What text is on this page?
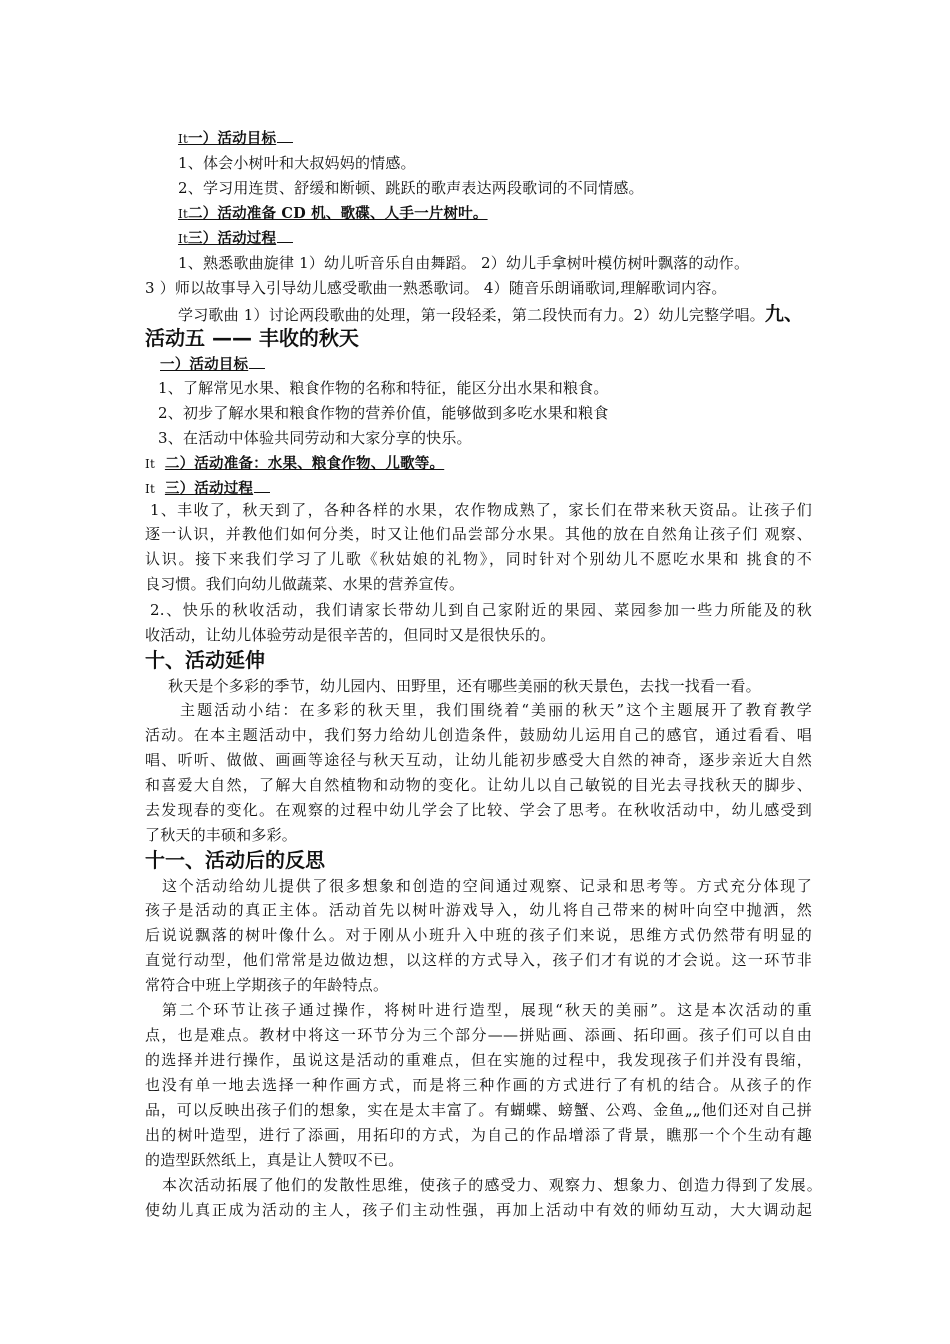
It一）活动目标
1、体会小树叶和大叔妈妈的情感。
2、学习用连贯、舒缓和断顿、跳跃的歌声表达两段歌词的不同情感。
It二）活动准备 CD 机、歌碟、人手一片树叶。
It三）活动过程
1、熟悉歌曲旋律 1）幼儿听音乐自由舞蹈。 2）幼儿手拿树叶模仿树叶飘落的动作。
3 ）师以故事导入引导幼儿感受歌曲一熟悉歌词。 4）随音乐朗诵歌词,理解歌词内容。
学习歌曲 1）讨论两段歌曲的处理，第一段轻柔，第二段快而有力。2）幼儿完整学唱。九、
活动五 —— 丰收的秋天
一）活动目标
1、了解常见水果、粮食作物的名称和特征，能区分出水果和粮食。
2、初步了解水果和粮食作物的营养价值，能够做到多吃水果和粮食
3、在活动中体验共同劳动和大家分享的快乐。
It 二）活动准备：水果、粮食作物、儿歌等。
It 三）活动过程
1、丰收了，秋天到了，各种各样的水果，农作物成熟了，家长们在带来秋天资品。让孩子们
逐一认识，并教他们如何分类，时又让他们品尝部分水果。其他的放在自然角让孩子们 观察、
认识。接下来我们学习了儿歌《秋姑娘的礼物》，同时针对个别幼儿不愿吃水果和 挑食的不
良习惯。我们向幼儿做蔬菜、水果的营养宣传。
2.、快乐的秋收活动，我们请家长带幼儿到自己家附近的果园、菜园参加一些力所能及的秋
收活动，让幼儿体验劳动是很辛苦的，但同时又是很快乐的。
十、活动延伸
秋天是个多彩的季节，幼儿园内、田野里，还有哪些美丽的秋天景色，去找一找看一看。
主题活动小结：在多彩的秋天里，我们围绕着“美丽的秋天”这个主题展开了教育教学
活动。在本主题活动中，我们努力给幼儿创造条件，鼓励幼儿运用自己的感官，通过看看、唱
唱、听听、做做、画画等途径与秋天互动，让幼儿能初步感受大自然的神奇，逐步亲近大自然
和喜爱大自然，了解大自然植物和动物的变化。让幼儿以自己敏锐的目光去寻找秋天的脚步、
去发现春的变化。在观察的过程中幼儿学会了比较、学会了思考。在秋收活动中，幼儿感受到
了秋天的丰硕和多彩。
十一、活动后的反思
这个活动给幼儿提供了很多想象和创造的空间通过观察、记录和思考等。方式充分体现了
孩子是活动的真正主体。活动首先以树叶游戏导入，幼儿将自己带来的树叶向空中抛洒，然
后说说飘落的树叶像什么。对于刚从小班升入中班的孩子们来说，思维方式仍然带有明显的
直觉行动型，他们常常是边做边想，以这样的方式导入，孩子们才有说的才会说。这一环节非
常符合中班上学期孩子的年龄特点。
第二个环节让孩子通过操作，将树叶进行造型，展现“秋天的美丽”。这是本次活动的重
点，也是难点。教材中将这一环节分为三个部分——拼贴画、添画、拓印画。孩子们可以自由
的选择并进行操作，虽说这是活动的重难点，但在实施的过程中，我发现孩子们并没有畏缩，
也没有单一地去选择一种作画方式，而是将三种作画的方式进行了有机的结合。从孩子的作
品，可以反映出孩子们的想象，实在是太丰富了。有蝴蝶、螃蟹、公鸡、金鱼„„他们还对自己拼
出的树叶造型，进行了添画，用拓印的方式，为自己的作品增添了背景，瞧那一个个生动有趣
的造型跃然纸上，真是让人赞叹不已。
本次活动拓展了他们的发散性思维，使孩子的感受力、观察力、想象力、创造力得到了发展。
使幼儿真正成为活动的主人，孩子们主动性强，再加上活动中有效的师幼互动，大大调动起
